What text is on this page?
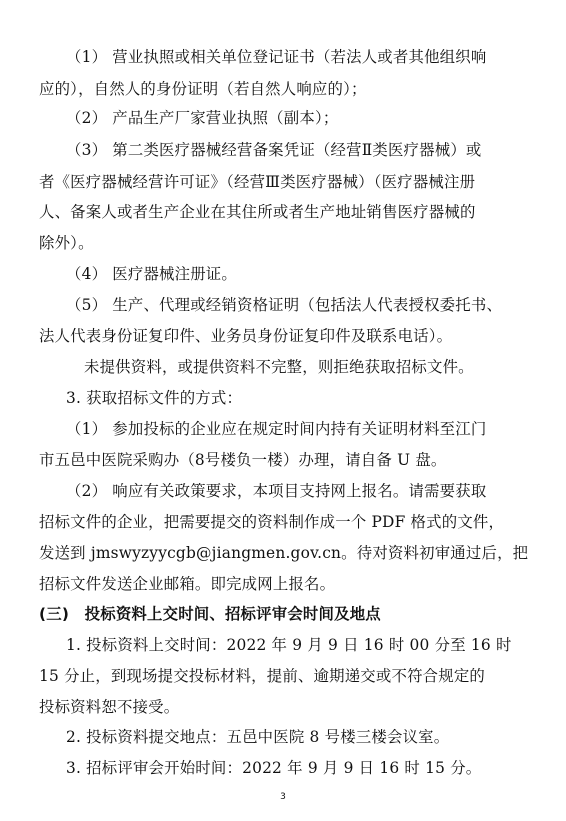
（1） 营业执照或相关单位登记证书（若法人或者其他组织响
应的），自然人的身份证明（若自然人响应的）；
（2） 产品生产厂家营业执照（副本）；
（3） 第二类医疗器械经营备案凭证（经营Ⅱ类医疗器械）或
者《医疗器械经营许可证》（经营Ⅲ类医疗器械）（医疗器械注册
人、备案人或者生产企业在其住所或者生产地址销售医疗器械的
除外）。
（4） 医疗器械注册证。
（5） 生产、代理或经销资格证明（包括法人代表授权委托书、
法人代表身份证复印件、业务员身份证复印件及联系电话）。
未提供资料，或提供资料不完整，则拒绝获取招标文件。
3. 获取招标文件的方式：
（1） 参加投标的企业应在规定时间内持有关证明材料至江门
市五邑中医院采购办（8号楼负一楼）办理，请自备 U 盘。
（2） 响应有关政策要求，本项目支持网上报名。请需要获取
招标文件的企业，把需要提交的资料制作成一个 PDF 格式的文件，
发送到 jmswyzyycgb@jiangmen.gov.cn。待对资料初审通过后，把
招标文件发送企业邮箱。即完成网上报名。
(三)　投标资料上交时间、招标评审会时间及地点
1. 投标资料上交时间：2022 年 9 月 9 日 16 时 00 分至 16 时
15 分止，到现场提交投标材料，提前、逾期递交或不符合规定的
投标资料恕不接受。
2. 投标资料提交地点：五邑中医院 8 号楼三楼会议室。
3. 招标评审会开始时间：2022 年 9 月 9 日 16 时 15 分。
3
